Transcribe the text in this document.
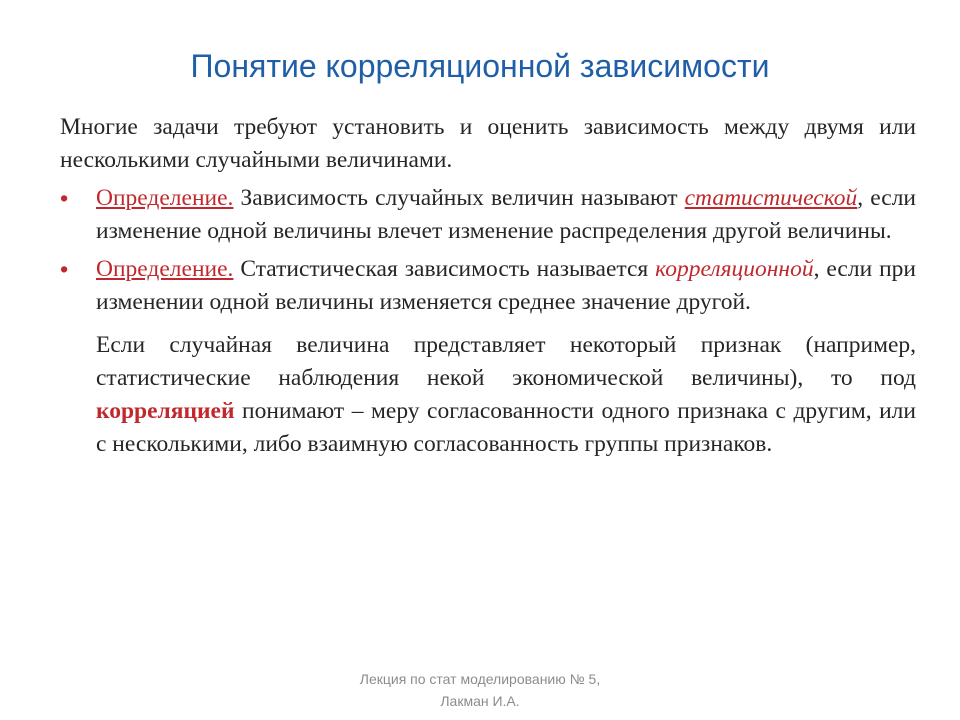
Понятие корреляционной зависимости

Многие задачи требуют установить и оценить зависимость между двумя или несколькими случайными величинами.

• Определение. Зависимость случайных величин называют статистической, если изменение одной величины влечет изменение распределения другой величины.
• Определение. Статистическая зависимость называется корреляционной, если при изменении одной величины изменяется среднее значение другой.
Если случайная величина представляет некоторый признак (например, статистические наблюдения некой экономической величины), то под корреляцией понимают – меру согласованности одного признака с другим, или с несколькими, либо взаимную согласованность группы признаков.
Лекция по стат моделированию № 5,
Лакман И.А.
